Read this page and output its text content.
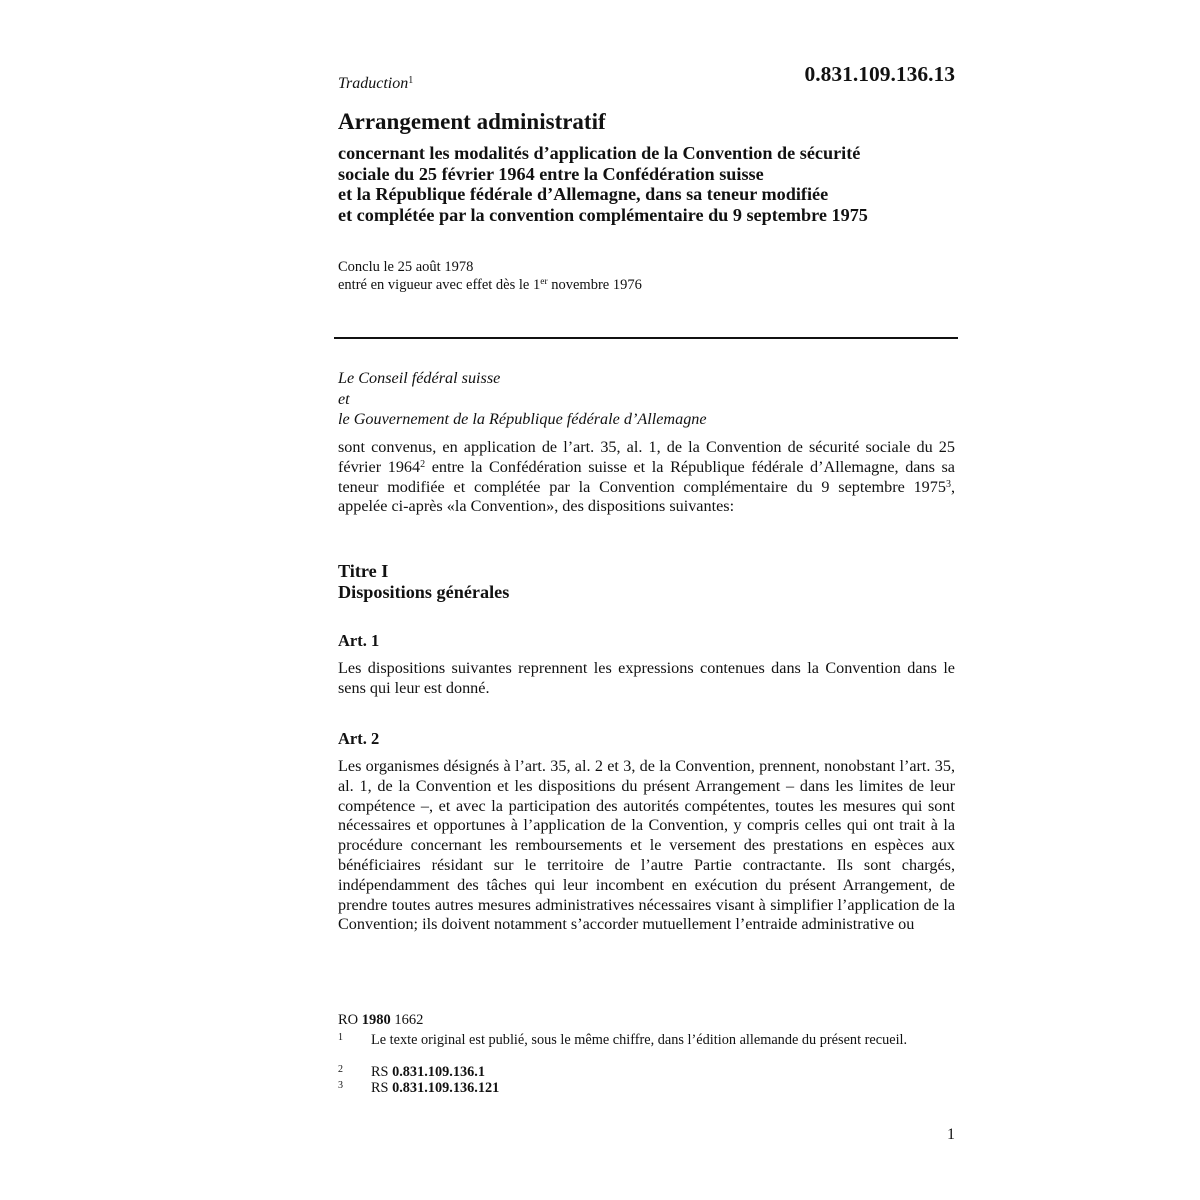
Traduction$^1$	0.831.109.136.13
Arrangement administratif
concernant les modalités d’application de la Convention de sécurité
sociale du 25 février 1964 entre la Confédération suisse
et la République fédérale d’Allemagne, dans sa teneur modifiée
et complétée par la convention complémentaire du 9 septembre 1975
Conclu le 25 août 1978
entré en vigueur avec effet dès le 1er novembre 1976
Le Conseil fédéral suisse
et
le Gouvernement de la République fédérale d’Allemagne
sont convenus, en application de l’art. 35, al. 1, de la Convention de sécurité sociale du 25 février 1964$^2$ entre la Confédération suisse et la République fédérale d’Allemagne, dans sa teneur modifiée et complétée par la Convention complémentaire du 9 septembre 1975$^3$, appelée ci-après «la Convention», des dispositions suivantes:
Titre I
Dispositions générales
Art. 1
Les dispositions suivantes reprennent les expressions contenues dans la Convention dans le sens qui leur est donné.
Art. 2
Les organismes désignés à l’art. 35, al. 2 et 3, de la Convention, prennent, nonobstant l’art. 35, al. 1, de la Convention et les dispositions du présent Arrangement – dans les limites de leur compétence –, et avec la participation des autorités compétentes, toutes les mesures qui sont nécessaires et opportunes à l’application de la Convention, y compris celles qui ont trait à la procédure concernant les remboursements et le versement des prestations en espèces aux bénéficiaires résidant sur le territoire de l’autre Partie contractante. Ils sont chargés, indépendamment des tâches qui leur incombent en exécution du présent Arrangement, de prendre toutes autres mesures administratives nécessaires visant à simplifier l’application de la Convention; ils doivent notamment s’accorder mutuellement l’entraide administrative ou
RO 1980 1662
1 Le texte original est publié, sous le même chiffre, dans l’édition allemande du présent recueil.
2 RS 0.831.109.136.1
3 RS 0.831.109.136.121
1
